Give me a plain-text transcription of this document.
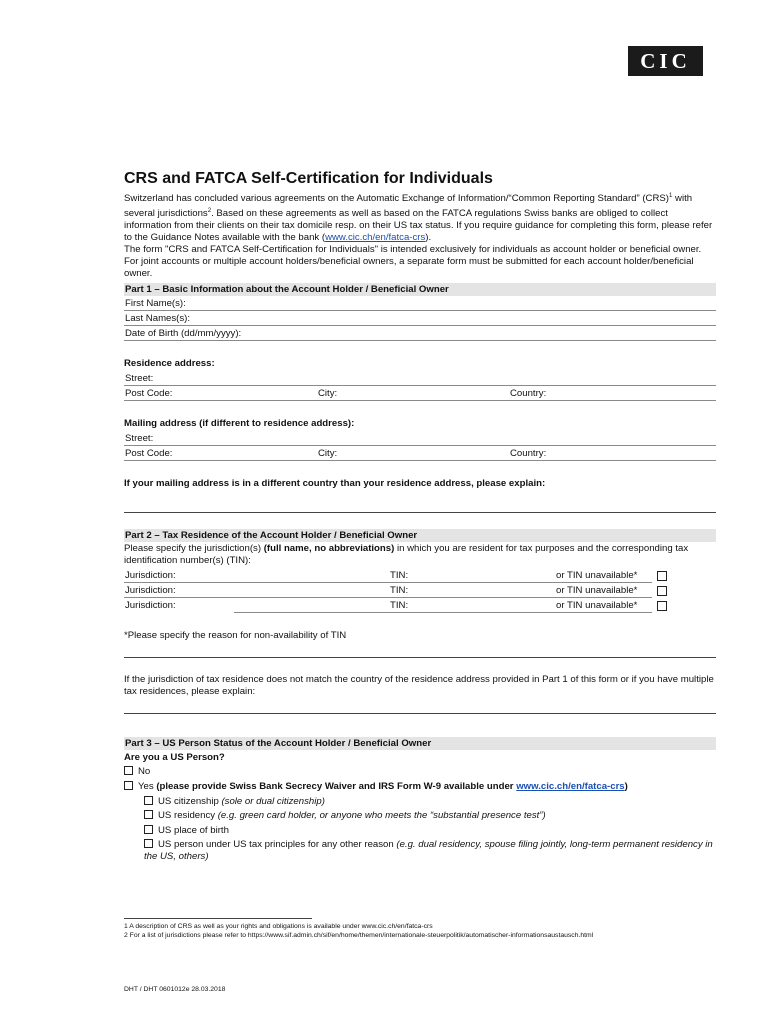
CIC
CRS and FATCA Self-Certification for Individuals

Switzerland has concluded various agreements on the Automatic Exchange of Information/“Common Reporting Standard” (CRS)$^1$ with several jurisdictions$^2$. Based on these agreements as well as based on the FATCA regulations Swiss banks are obliged to collect information from their clients on their tax domicile resp. on their US tax status. If you require guidance for completing this form, please refer to the Guidance Notes available with the bank (www.cic.ch/en/fatca-crs).

The form "CRS and FATCA Self-Certification for Individuals" is intended exclusively for individuals as account holder or beneficial owner. For joint accounts or multiple account holders/beneficial owners, a separate form must be submitted for each account holder/beneficial owner.

Part 1 – Basic Information about the Account Holder / Beneficial Owner
First Name(s):
Last Names(s):
Date of Birth (dd/mm/yyyy):
Residence address:
Street:
Post Code:	City:	Country:
Mailing address (if different to residence address):
Street:
Post Code:	City:	Country:
If your mailing address is in a different country than your residence address, please explain:
Part 2 – Tax Residence of the Account Holder / Beneficial Owner
Please specify the jurisdiction(s) (full name, no abbreviations) in which you are resident for tax purposes and the corresponding tax identification number(s) (TIN):
Jurisdiction:	TIN:	or TIN unavailable*
Jurisdiction:	TIN:	or TIN unavailable*
Jurisdiction:	TIN:	or TIN unavailable*
*Please specify the reason for non-availability of TIN
If the jurisdiction of tax residence does not match the country of the residence address provided in Part 1 of this form or if you have multiple tax residences, please explain:
Part 3 – US Person Status of the Account Holder / Beneficial Owner
Are you a US Person?
No
Yes (please provide Swiss Bank Secrecy Waiver and IRS Form W-9 available under www.cic.ch/en/fatca-crs)
US citizenship (sole or dual citizenship)
US residency (e.g. green card holder, or anyone who meets the “substantial presence test”)
US place of birth
US person under US tax principles for any other reason (e.g. dual residency, spouse filing jointly, long-term permanent residency in the US, others)
1 A description of CRS as well as your rights and obligations is available under www.cic.ch/en/fatca-crs
2 For a list of jurisdictions please refer to https://www.sif.admin.ch/sif/en/home/themen/internationale-steuerpolitik/automatischer-informationsaustausch.html
DHT / DHT 0601012e 28.03.2018
